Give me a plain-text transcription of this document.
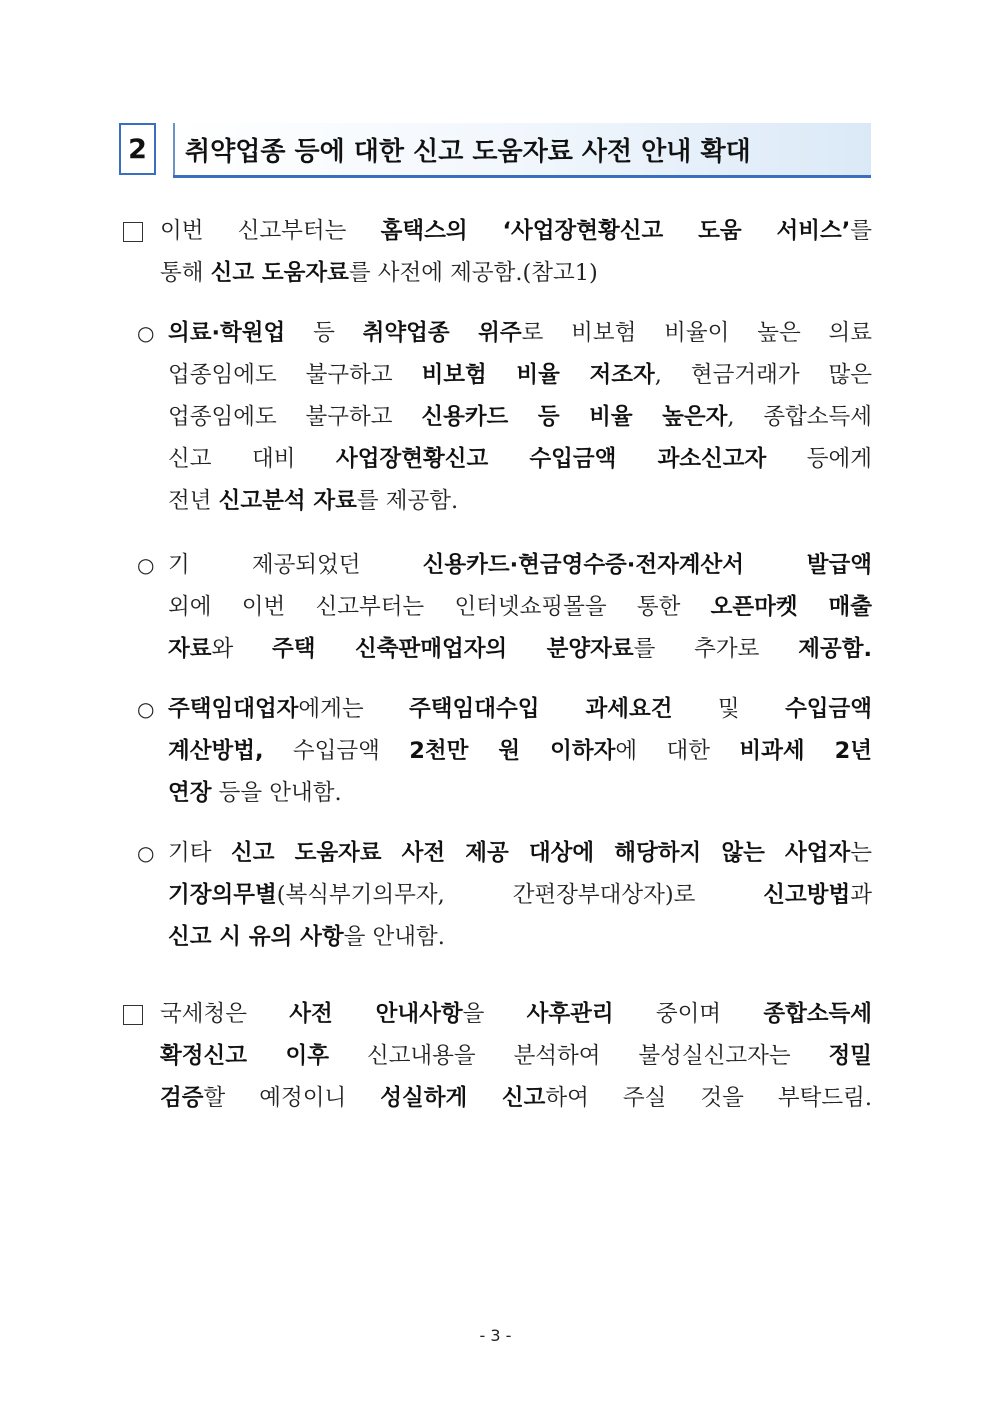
2	취약업종 등에 대한 신고 도움자료 사전 안내 확대
이번 신고부터는 홈택스의 ‘사업장현황신고 도움 서비스’를
통해 신고 도움자료를 사전에 제공함.(참고1)
○ 의료·학원업 등 취약업종 위주로 비보험 비율이 높은 의료
업종임에도 불구하고 비보험 비율 저조자, 현금거래가 많은
업종임에도 불구하고 신용카드 등 비율 높은자, 종합소득세
신고 대비 사업장현황신고 수입금액 과소신고자 등에게
전년 신고분석 자료를 제공함.
○ 기 제공되었던 신용카드·현금영수증·전자계산서 발급액
외에 이번 신고부터는 인터넷쇼핑몰을 통한 오픈마켓 매출
자료와 주택 신축판매업자의 분양자료를 추가로 제공함.
○ 주택임대업자에게는 주택임대수입 과세요건 및 수입금액
계산방법, 수입금액 2천만 원 이하자에 대한 비과세 2년
연장 등을 안내함.
○ 기타 신고 도움자료 사전 제공 대상에 해당하지 않는 사업자는
기장의무별(복식부기의무자, 간편장부대상자)로 신고방법과
신고 시 유의 사항을 안내함.
국세청은 사전 안내사항을 사후관리 중이며 종합소득세
확정신고 이후 신고내용을 분석하여 불성실신고자는 정밀
검증할 예정이니 성실하게 신고하여 주실 것을 부탁드림.
- 3 -
